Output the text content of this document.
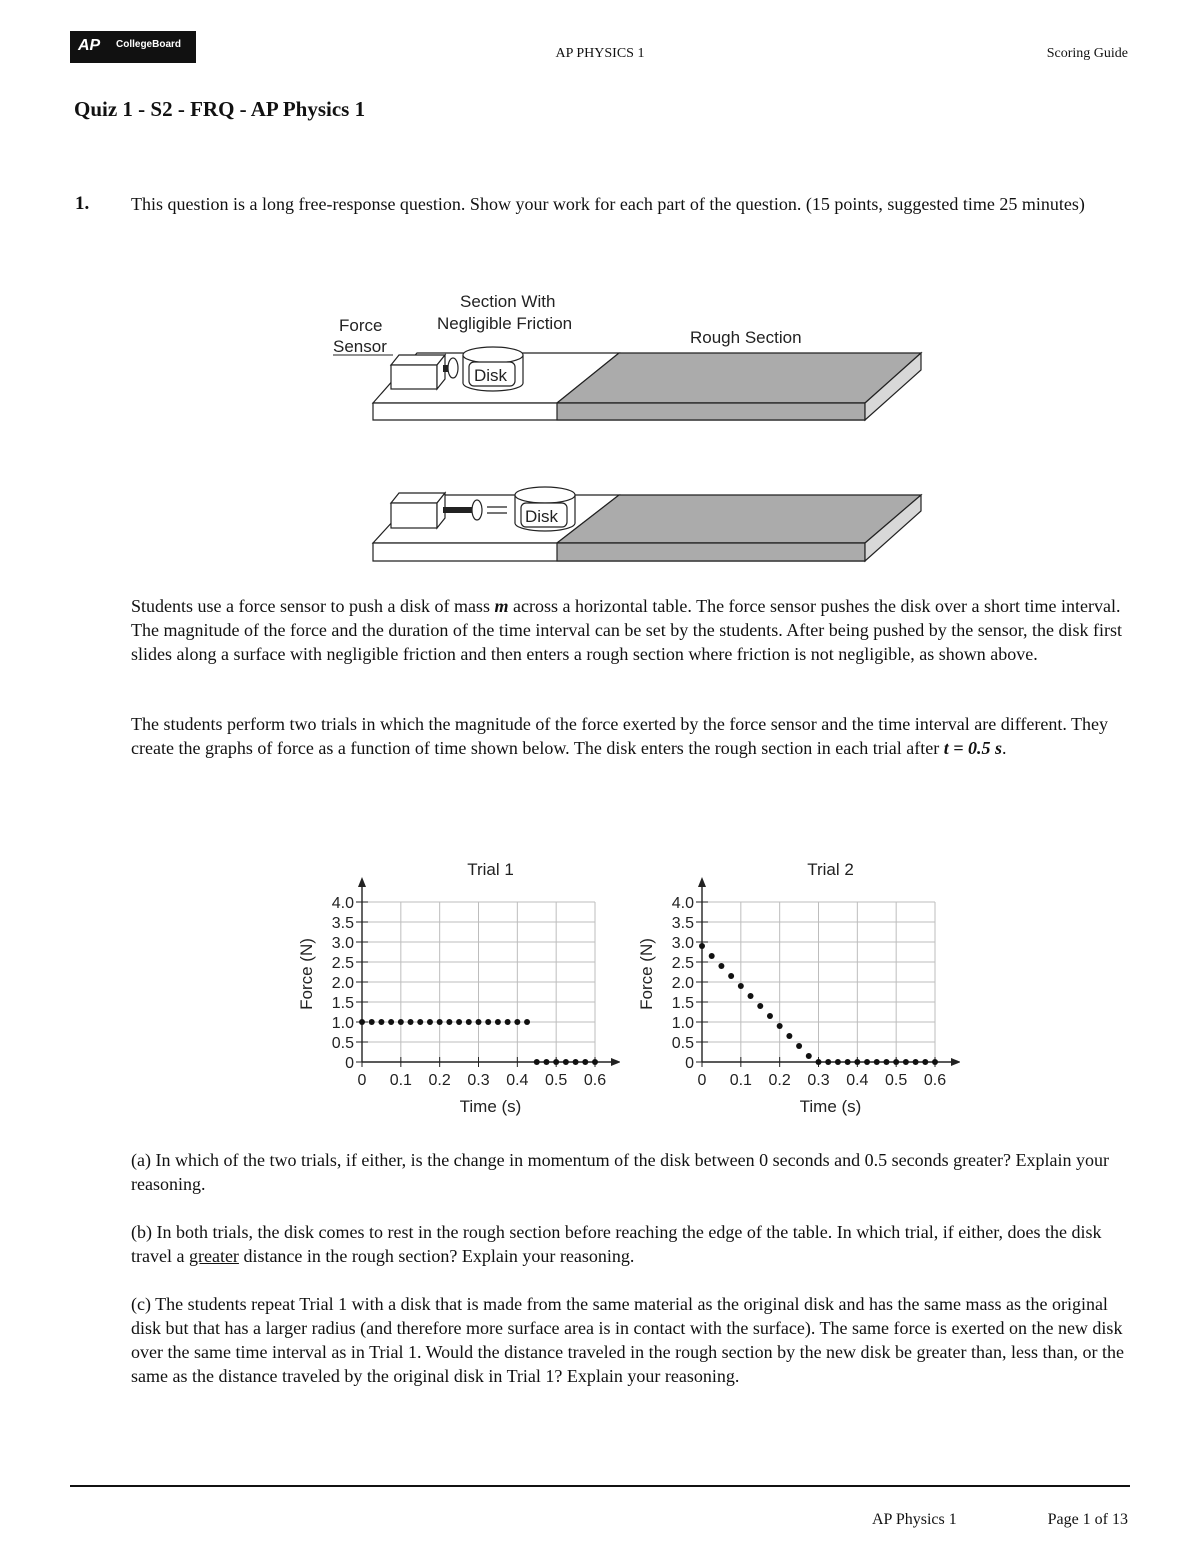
AP CollegeBoard
AP PHYSICS 1	Scoring Guide
Quiz 1 - S2 - FRQ - AP Physics 1
1. This question is a long free-response question. Show your work for each part of the question. (15 points, suggested time 25 minutes)

Force
Sensor
Section With
Negligible Friction
Rough Section
Disk
Disk

Students use a force sensor to push a disk of mass m across a horizontal table. The force sensor pushes the disk over a short time interval. The magnitude of the force and the duration of the time interval can be set by the students. After being pushed by the sensor, the disk first slides along a surface with negligible friction and then enters a rough section where friction is not negligible, as shown above.

The students perform two trials in which the magnitude of the force exerted by the force sensor and the time interval are different. They create the graphs of force as a function of time shown below. The disk enters the rough section in each trial after t = 0.5 s.

Trial 1
0 0.1 0.2 0.3 0.4 0.5 0.6
0
0.5
1.0
1.5
2.0
2.5
3.0
3.5
4.0
Time (s)
Force (N)
Trial 2
0 0.1 0.2 0.3 0.4 0.5 0.6
0
0.5
1.0
1.5
2.0
2.5
3.0
3.5
4.0
Time (s)
Force (N)

(a) In which of the two trials, if either, is the change in momentum of the disk between 0 seconds and 0.5 seconds greater? Explain your reasoning.

(b) In both trials, the disk comes to rest in the rough section before reaching the edge of the table. In which trial, if either, does the disk travel a greater distance in the rough section? Explain your reasoning.

(c) The students repeat Trial 1 with a disk that is made from the same material as the original disk and has the same mass as the original disk but that has a larger radius (and therefore more surface area is in contact with the surface). The same force is exerted on the new disk over the same time interval as in Trial 1. Would the distance traveled in the rough section by the new disk be greater than, less than, or the same as the distance traveled by the original disk in Trial 1? Explain your reasoning.

AP Physics 1	Page 1 of 13
